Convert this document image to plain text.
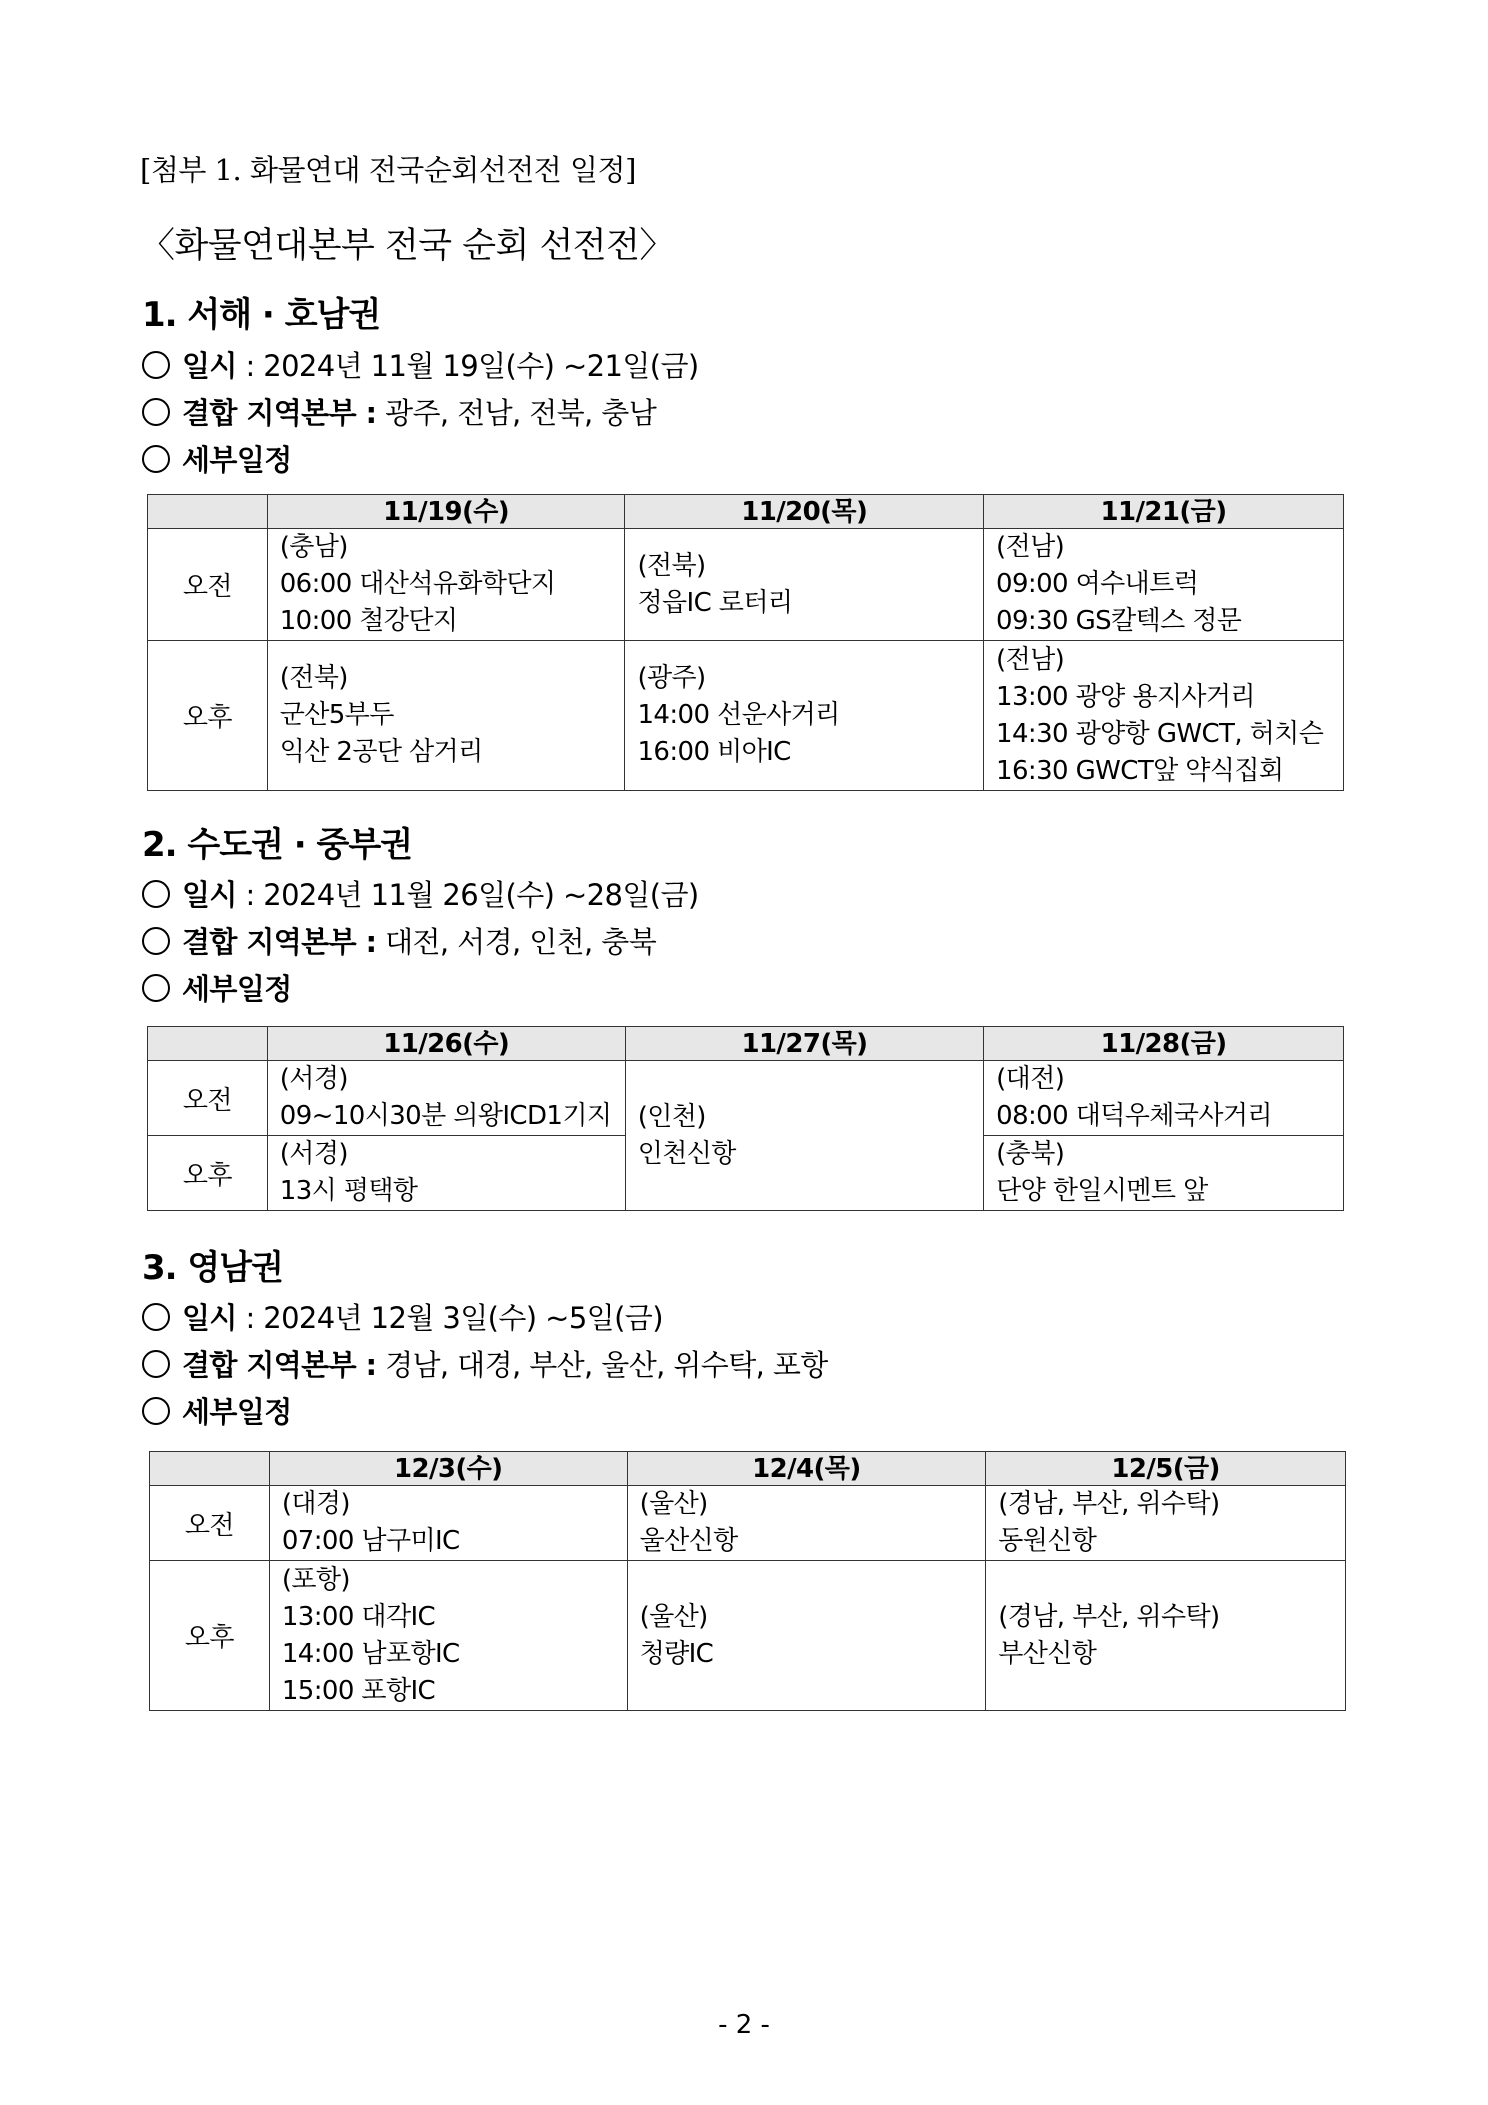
[첨부 1. 화물연대 전국순회선전전 일정]
〈화물연대본부 전국 순회 선전전〉
1. 서해 · 호남권
일시 : 2024년 11월 19일(수) ~21일(금)
결합 지역본부 : 광주, 전남, 전북, 충남
세부일정
	11/19(수)	11/20(목)	11/21(금)
오전	(충남)
06:00 대산석유화학단지
10:00 철강단지	(전북)
정읍IC 로터리	(전남)
09:00 여수내트럭
09:30 GS칼텍스 정문

오후	(전북)
군산5부두
익산 2공단 삼거리	(광주)
14:00 선운사거리
16:00 비아IC	(전남)
13:00 광양 용지사거리
14:30 광양항 GWCT, 허치슨
16:30 GWCT앞 약식집회
2. 수도권 · 중부권
일시 : 2024년 11월 26일(수) ~28일(금)
결합 지역본부 : 대전, 서경, 인천, 충북
세부일정
	11/26(수)	11/27(목)	11/28(금)
오전	(서경)
09~10시30분 의왕ICD1기지	(인천)
인천신항	(대전)
08:00 대덕우체국사거리

오후	(서경)
13시 평택항		(충북)
단양 한일시멘트 앞
3. 영남권
일시 : 2024년 12월 3일(수) ~5일(금)
결합 지역본부 : 경남, 대경, 부산, 울산, 위수탁, 포항
세부일정
	12/3(수)	12/4(목)	12/5(금)
오전	(대경)
07:00 남구미IC	(울산)
울산신항	(경남, 부산, 위수탁)
동원신항

오후	(포항)
13:00 대각IC
14:00 남포항IC
15:00 포항IC	(울산)
청량IC	(경남, 부산, 위수탁)
부산신항
- 2 -
